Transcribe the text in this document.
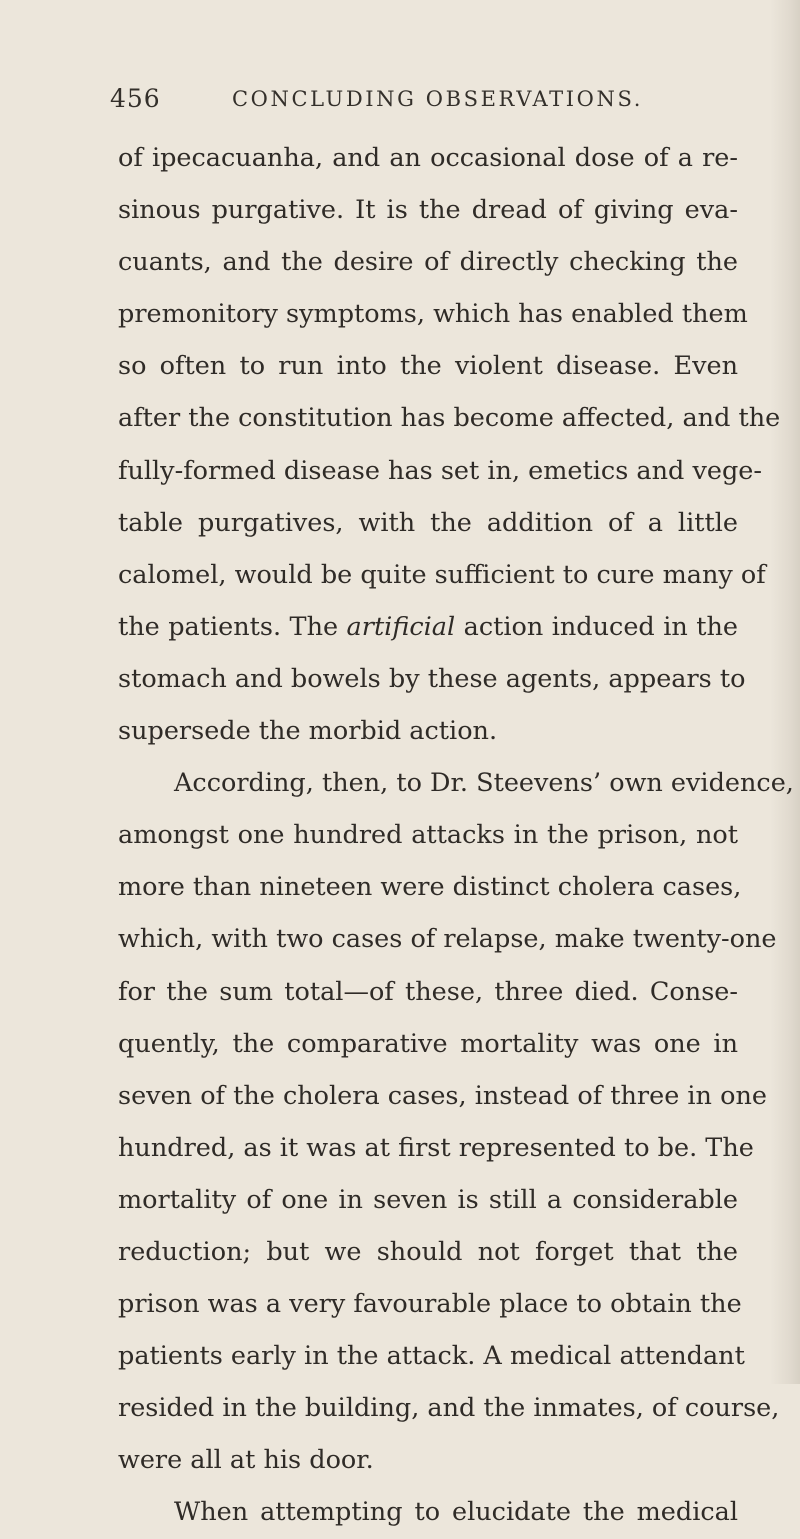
456	CONCLUDING OBSERVATIONS.
of ipecacuanha, and an occasional dose of a re-
sinous purgative. It is the dread of giving eva-
cuants, and the desire of directly checking the
premonitory symptoms, which has enabled them
so often to run into the violent disease. Even
after the constitution has become affected, and the
fully-formed disease has set in, emetics and vege-
table purgatives, with the addition of a little
calomel, would be quite sufficient to cure many of
the patients. The artificial action induced in the
stomach and bowels by these agents, appears to
supersede the morbid action.
According, then, to Dr. Steevens’ own evidence,
amongst one hundred attacks in the prison, not
more than nineteen were distinct cholera cases,
which, with two cases of relapse, make twenty-one
for the sum total—of these, three died. Conse-
quently, the comparative mortality was one in
seven of the cholera cases, instead of three in one
hundred, as it was at first represented to be. The
mortality of one in seven is still a considerable
reduction; but we should not forget that the
prison was a very favourable place to obtain the
patients early in the attack. A medical attendant
resided in the building, and the inmates, of course,
were all at his door.
When attempting to elucidate the medical
